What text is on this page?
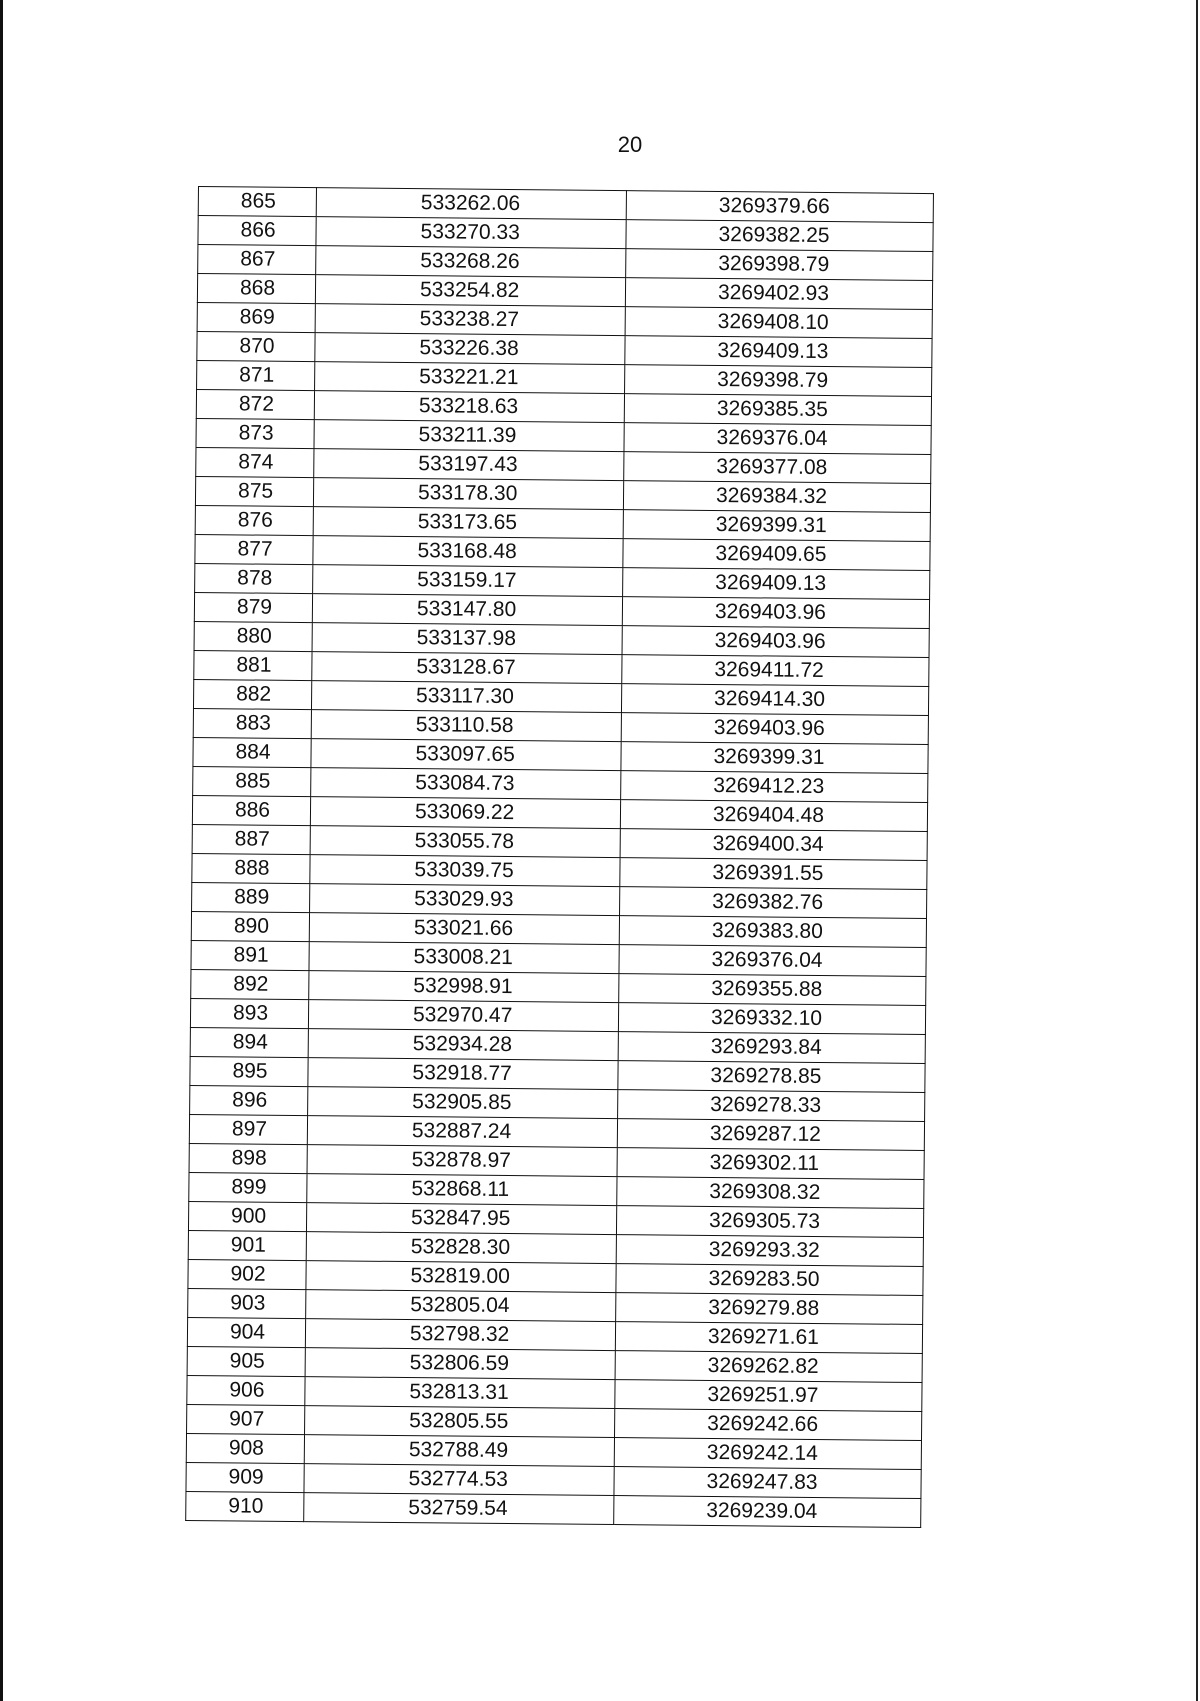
20
865	533262.06	3269379.66
866	533270.33	3269382.25
867	533268.26	3269398.79
868	533254.82	3269402.93
869	533238.27	3269408.10
870	533226.38	3269409.13
871	533221.21	3269398.79
872	533218.63	3269385.35
873	533211.39	3269376.04
874	533197.43	3269377.08
875	533178.30	3269384.32
876	533173.65	3269399.31
877	533168.48	3269409.65
878	533159.17	3269409.13
879	533147.80	3269403.96
880	533137.98	3269403.96
881	533128.67	3269411.72
882	533117.30	3269414.30
883	533110.58	3269403.96
884	533097.65	3269399.31
885	533084.73	3269412.23
886	533069.22	3269404.48
887	533055.78	3269400.34
888	533039.75	3269391.55
889	533029.93	3269382.76
890	533021.66	3269383.80
891	533008.21	3269376.04
892	532998.91	3269355.88
893	532970.47	3269332.10
894	532934.28	3269293.84
895	532918.77	3269278.85
896	532905.85	3269278.33
897	532887.24	3269287.12
898	532878.97	3269302.11
899	532868.11	3269308.32
900	532847.95	3269305.73
901	532828.30	3269293.32
902	532819.00	3269283.50
903	532805.04	3269279.88
904	532798.32	3269271.61
905	532806.59	3269262.82
906	532813.31	3269251.97
907	532805.55	3269242.66
908	532788.49	3269242.14
909	532774.53	3269247.83
910	532759.54	3269239.04
